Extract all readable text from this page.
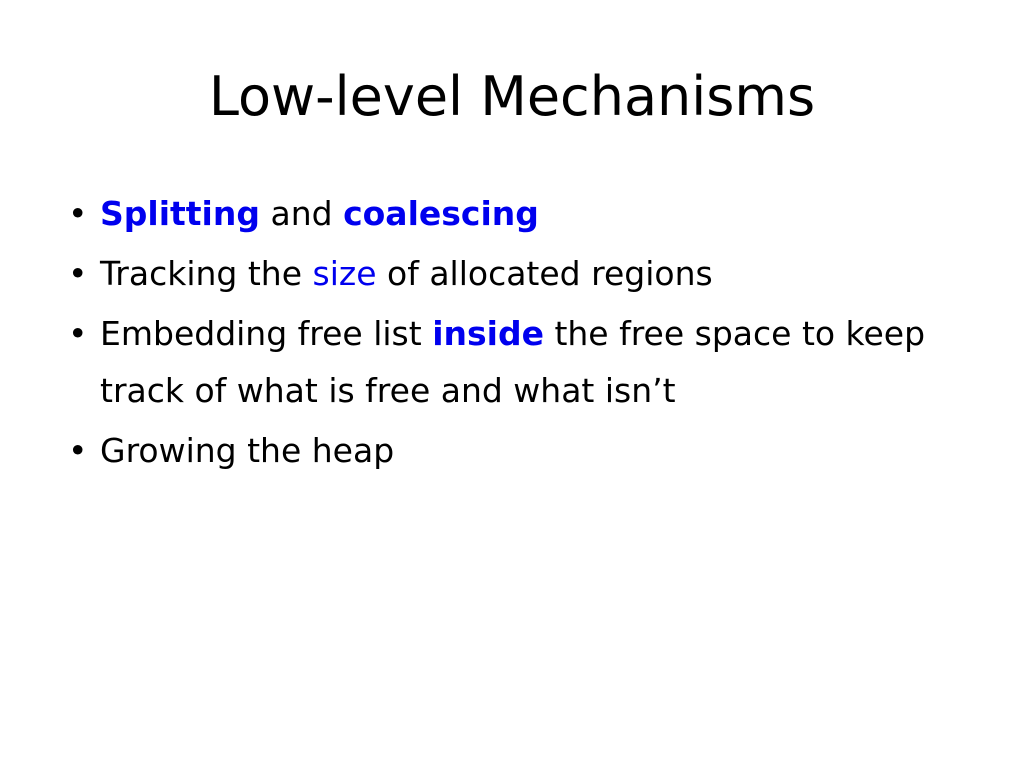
Low-level Mechanisms
• Splitting and coalescing
• Tracking the size of allocated regions
• Embedding free list inside the free space to keep track of what is free and what isn’t
• Growing the heap
